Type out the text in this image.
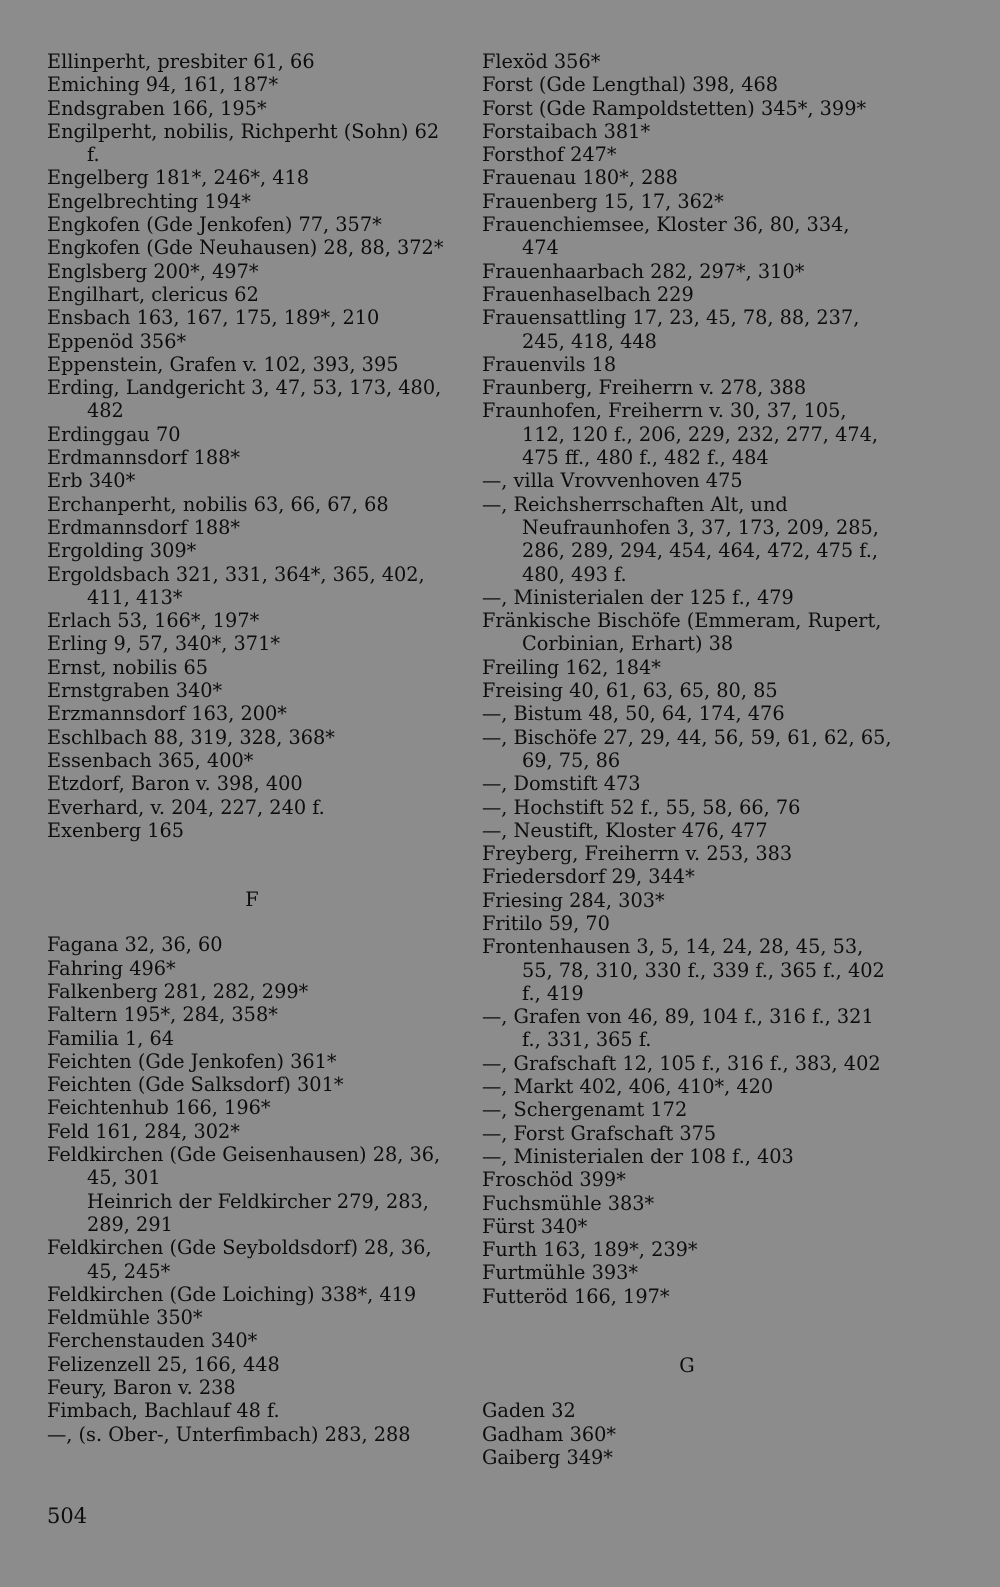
Ellinperht, presbiter 61, 66
Emiching 94, 161, 187*
Endsgraben 166, 195*
Engilperht, nobilis, Richperht (Sohn) 62 f.
Engelberg 181*, 246*, 418
Engelbrechting 194*
Engkofen (Gde Jenkofen) 77, 357*
Engkofen (Gde Neuhausen) 28, 88, 372*
Englsberg 200*, 497*
Engilhart, clericus 62
Ensbach 163, 167, 175, 189*, 210
Eppenöd 356*
Eppenstein, Grafen v. 102, 393, 395
Erding, Landgericht 3, 47, 53, 173, 480, 482
Erdinggau 70
Erdmannsdorf 188*
Erb 340*
Erchanperht, nobilis 63, 66, 67, 68
Erdmannsdorf 188*
Ergolding 309*
Ergoldsbach 321, 331, 364*, 365, 402, 411, 413*
Erlach 53, 166*, 197*
Erling 9, 57, 340*, 371*
Ernst, nobilis 65
Ernstgraben 340*
Erzmannsdorf 163, 200*
Eschlbach 88, 319, 328, 368*
Essenbach 365, 400*
Etzdorf, Baron v. 398, 400
Everhard, v. 204, 227, 240 f.
Exenberg 165
F
Fagana 32, 36, 60
Fahring 496*
Falkenberg 281, 282, 299*
Faltern 195*, 284, 358*
Familia 1, 64
Feichten (Gde Jenkofen) 361*
Feichten (Gde Salksdorf) 301*
Feichtenhub 166, 196*
Feld 161, 284, 302*
Feldkirchen (Gde Geisenhausen) 28, 36, 45, 301
Heinrich der Feldkircher 279, 283, 289, 291
Feldkirchen (Gde Seyboldsdorf) 28, 36, 45, 245*
Feldkirchen (Gde Loiching) 338*, 419
Feldmühle 350*
Ferchenstauden 340*
Felizenzell 25, 166, 448
Feury, Baron v. 238
Fimbach, Bachlauf 48 f.
—, (s. Ober-, Unterfimbach) 283, 288
Flexöd 356*
Forst (Gde Lengthal) 398, 468
Forst (Gde Rampoldstetten) 345*, 399*
Forstaibach 381*
Forsthof 247*
Frauenau 180*, 288
Frauenberg 15, 17, 362*
Frauenchiemsee, Kloster 36, 80, 334, 474
Frauenhaarbach 282, 297*, 310*
Frauenhaselbach 229
Frauensattling 17, 23, 45, 78, 88, 237, 245, 418, 448
Frauenvils 18
Fraunberg, Freiherrn v. 278, 388
Fraunhofen, Freiherrn v. 30, 37, 105, 112, 120 f., 206, 229, 232, 277, 474, 475 ff., 480 f., 482 f., 484
—, villa Vrovvenhoven 475
—, Reichsherrschaften Alt, und Neufraunhofen 3, 37, 173, 209, 285, 286, 289, 294, 454, 464, 472, 475 f., 480, 493 f.
—, Ministerialen der 125 f., 479
Fränkische Bischöfe (Emmeram, Rupert, Corbinian, Erhart) 38
Freiling 162, 184*
Freising 40, 61, 63, 65, 80, 85
—, Bistum 48, 50, 64, 174, 476
—, Bischöfe 27, 29, 44, 56, 59, 61, 62, 65, 69, 75, 86
—, Domstift 473
—, Hochstift 52 f., 55, 58, 66, 76
—, Neustift, Kloster 476, 477
Freyberg, Freiherrn v. 253, 383
Friedersdorf 29, 344*
Friesing 284, 303*
Fritilo 59, 70
Frontenhausen 3, 5, 14, 24, 28, 45, 53, 55, 78, 310, 330 f., 339 f., 365 f., 402 f., 419
—, Grafen von 46, 89, 104 f., 316 f., 321 f., 331, 365 f.
—, Grafschaft 12, 105 f., 316 f., 383, 402
—, Markt 402, 406, 410*, 420
—, Schergenamt 172
—, Forst Grafschaft 375
—, Ministerialen der 108 f., 403
Froschöd 399*
Fuchsmühle 383*
Fürst 340*
Furth 163, 189*, 239*
Furtmühle 393*
Futteröd 166, 197*
G
Gaden 32
Gadham 360*
Gaiberg 349*
504
